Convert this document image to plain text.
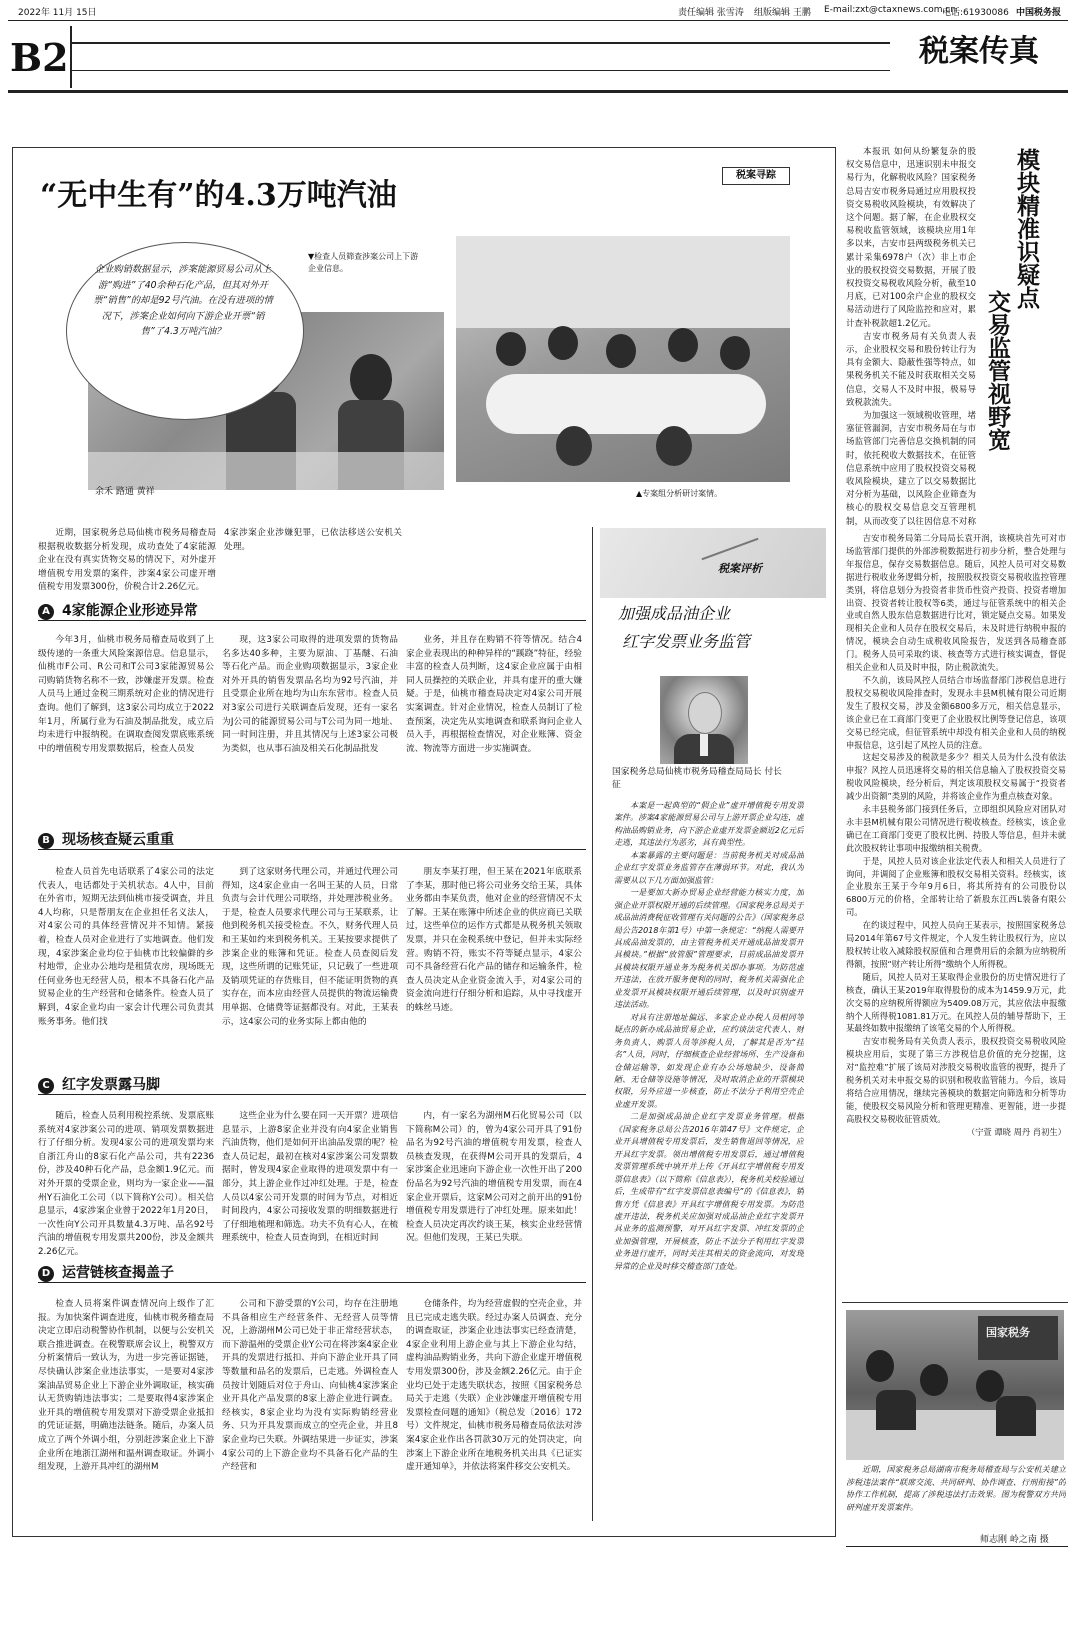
2022年 11月 15日	责任编辑 张雪涛 组版编辑 王鹏 E-mail:zxt@ctaxnews.com.cn
电话:61930086 中国税务报
B2	税案传真
税案寻踪
“无中生有”的4.3万吨汽油
企业购销数据显示，涉案能源贸易公司从上游“购进”了40余种石化产品，但其对外开票“销售”的却是92号汽油。在没有进项的情况下，涉案企业如何向下游企业开票“销售”了4.3万吨汽油？
▼检查人员筛查涉案公司上下游企业信息。
余禾 路通 黄祥	▲专案组分析研讨案情。
近期，国家税务总局仙桃市税务局稽查局根据税收数据分析发现，成功查处了4家能源企业在没有真实货物交易的情况下，对外虚开增值税专用发票的案件，涉案4家公司虚开增值税专用发票300份，价税合计2.26亿元。
4家涉案企业涉嫌犯罪，已依法移送公安机关处理。
A 4家能源企业形迹异常
今年3月，仙桃市税务局稽查局收到了上级传递的一条重大风险案源信息。信息显示，仙桃市F公司、R公司和T公司3家能源贸易公司购销货物名称不一致，涉嫌虚开发票。检查人员马上通过金税三期系统对企业的情况进行查询。他们了解到，这3家公司均成立于2022年1月，所属行业为石油及制品批发，成立后均未进行申报纳税。在调取查阅发票底账系统中的增值税专用发票数据后，检查人员发
现，这3家公司取得的进项发票的货物品名多达40多种，主要为原油、丁基醚、石油等石化产品。而企业购项数据显示，3家企业对外开具的销售发票品名均为92号汽油，并且受票企业所在地均为山东东营市。检查人员对3家公司进行关联调查后发现，还有一家名为J公司的能源贸易公司与T公司为同一地址、同一时间注册，并且其情况与上述3家公司极为类似，也从事石油及相关石化制品批发
业务，并且存在购销不符等情况。结合4家企业表现出的种种异样的“蹊跷”特征，经验丰富的检查人员判断，这4家企业应属于由相同人员操控的关联企业，并具有虚开的重大嫌疑。于是，仙桃市稽查局决定对4家公司开展实案调查。针对企业情况，检查人员制订了检查预案，决定先从实地调查和联系询问企业人员入手，再根据检查情况，对企业账簿、资金流、物流等方面进一步实施调查。
B 现场核查疑云重重
检查人员首先电话联系了4家公司的法定代表人，电话都处于关机状态。4人中，目前在外省市，短期无法到仙桃市接受调查，并且4人均称，只是帮朋友在企业担任名义法人，对4家公司的具体经营情况并不知情。紧接着，检查人员对企业进行了实地调查。他们发现，4家涉案企业均位于仙桃市比较偏僻的乡村地带，企业办公地均是租赁农房，现场既无任何业务也无经营人员，根本不具备石化产品贸易企业的生产经营和仓储条件。检查人员了解到，4家企业均由一家会计代理公司负责其账务事务。他们找
到了这家财务代理公司，并通过代理公司得知，这4家企业由一名叫王某的人员，日常负责与会计代理公司联络，并处理涉税业务。于是，检查人员要求代理公司与王某联系，让他到税务机关接受检查。不久，财务代理人员和王某如约来到税务机关。王某按要求提供了涉案企业的账簿和凭证。检查人员查阅后发现，这些所谓的记账凭证，只记载了一些进项及销项凭证的存货账目，但不能证明货物的真实存在，而本应由经营人员提供的物流运输费用单据、仓储费等证据都没有。对此，王某表示，这4家公司的业务实际上都由他的
朋友李某打理，但王某在2021年底联系了李某，那时他已将公司业务交给王某，具体业务都由李某负责，他对企业的经营情况不太了解。王某在账簿中所述企业的供应商已关联过，这些单位的运作方式都是从税务机关领取发票，并只在金税系统中登记，但并未实际经营。购销不符，账实不符等疑点显示，4家公司不具备经营石化产品的储存和运输条件，检查人员决定从企业资金流入手，对4家公司的资金流向进行仔细分析和追踪，从中寻找虚开的蛛丝马迹。
C 红字发票露马脚
随后，检查人员利用税控系统、发票底账系统对4家涉案公司的进项、销项发票数据进行了仔细分析。发现4家公司的进项发票均来自浙江舟山的8家石化产品公司，共有2236份，涉及40种石化产品，总金额1.9亿元。而对外开票的受票企业，则均为一家企业——温州Y石油化工公司（以下简称Y公司）。相关信息显示，4家涉案企业曾于2022年1月20日，一次性向Y公司开具数量4.3万吨、品名92号汽油的增值税专用发票共200份，涉及金额共2.26亿元。
这些企业为什么要在同一天开票？进项信息显示，上游8家企业并没有向4家企业销售汽油货物，他们是如何开出油品发票的呢？检查人员记起，最初在核对4家涉案公司发票数据时，曾发现4家企业取得的进项发票中有一部分，其上游企业作过冲红处理。于是，检查人员以4家公司开发票的时间为节点，对相近时间段内，4家公司接收发票的明细数据进行了仔细地梳理和筛选。功夫不负有心人，在梳理系统中，检查人员查询到，在相近时间
内，有一家名为湖州M石化贸易公司（以下简称M公司）的，曾为4家公司开具了91份品名为92号汽油的增值税专用发票，检查人员核查发现，在获得M公司开具的发票后，4家涉案企业迅速向下游企业一次性开出了200份品名为92号汽油的增值税专用发票，而在4家企业开票后，这家M公司对之前开出的91份增值税专用发票进行了冲红处理。原来如此！检查人员决定再次约谈王某，核实企业经营情况。但他们发现，王某已失联。
D 运营链核查揭盖子
检查人员将案件调查情况向上级作了汇报。为加快案件调查进度，仙桃市税务稽查局决定立即启动税警协作机制，以便与公安机关联合推进调查。在税警联席会议上，税警双方分析案情后一致认为，为进一步完善证据链，尽快确认涉案企业违法事实，一是要对4家涉案油品贸易企业上下游企业外调取证，核实确认无货购销违法事实；二是要取得4家涉案企业开具的增值税专用发票对下游受票企业抵扣的凭证证据，明确违法链条。随后，办案人员成立了两个外调小组，分别赶涉案企业上下游企业所在地浙江湖州和温州调查取证。外调小组发现，上游开具冲红的湖州M
公司和下游受票的Y公司，均存在注册地不具备相应生产经营条件、无经营人员等情况，上游湖州M公司已处于非正常经营状态，而下游温州的受票企业Y公司在将涉案4家企业开具的发票进行抵扣、并向下游企业开具了同等数量和品名的发票后，已走逃。外调检查人员按计划随后对位于舟山、向仙桃4家涉案企业开具化产品发票的8家上游企业进行调查。经核实，8家企业均为没有实际购销经营业务、只为开具发票而成立的空壳企业，并且8家企业均已失联。外调结果进一步证实，涉案4家公司的上下游企业均不具备石化产品的生产经营和
仓储条件，均为经营虚假的空壳企业，并且已完成走逃失联。经过办案人员调查、充分的调查取证，涉案企业违法事实已经查清楚，4家企业利用上游企业与其上下游企业勾结，虚构油品购销业务，共向下游企业虚开增值税专用发票300份，涉及金额2.26亿元。由于企业均已处于走逃失联状态，按照《国家税务总局关于走逃（失联）企业涉嫌虚开增值税专用发票检查问题的通知》（税总发〔2016〕172号）文件规定，仙桃市税务局稽查局依法对涉案4家企业作出各罚款30万元的处罚决定，向涉案上下游企业所在地税务机关出具《已证实虚开通知单》，并依法将案件移交公安机关。
税案评析
加强成品油企业
红字发票业务监管
国家税务总局仙桃市税务局稽查局局长 付长征

本案是一起典型的“假企业”虚开增值税专用发票案件。涉案4家能源贸易公司与上游开票企业勾连，虚构油品购销业务，向下游企业虚开发票金额近2亿元后走逃，其违法行为恶劣，具有典型性。

本案暴露的主要问题是：当前税务机关对成品油企业红字发票业务监管存在薄弱环节。对此，我认为需要从以下几方面加强监管：

一是要加大新办贸易企业经营能力核实力度，加强企业开票权限开通的后续管理。《国家税务总局关于成品油消费税征收管理有关问题的公告》（国家税务总局公告2018年第1号）中第一条规定：“纳税人需要开具成品油发票的，由主管税务机关开通成品油发票开具模块。”根据“放管服”管理要求，目前成品油发票开具模块权限开通业务为税务机关即办事项。为防范虚开违法，在放开服务便利的同时，税务机关需强化企业发票开具模块权限开通后续管理，以及时识别虚开违法活动。

对具有注册地址偏远、多家企业办税人员相同等疑点的新办成品油贸易企业，应约谈法定代表人、财务负责人、购票人员等涉税人员，了解其是否为“挂名”人员，同时，仔细核查企业经营场所、生产设备和仓储运输等，如发现企业有办公场地缺少、设备简陋、无仓储等设施等情况，及时取消企业的开票模块权限，另外应进一步核查，防止不法分子利用空壳企业虚开发票。

二是加强成品油企业红字发票业务管理。根据《国家税务总局公告2016年第47号》文件规定，企业开具增值税专用发票后，发生销售退回等情况，应开具红字发票。领出增值税专用发票后，通过增值税发票管理系统中填开并上传《开具红字增值税专用发票信息表》（以下简称《信息表》），税务机关校验通过后，生成带有“红字发票信息表编号”的《信息表》，销售方凭《信息表》开具红字增值税专用发票。为防范虚开违法，税务机关应加强对成品油企业红字发票开具业务的监测预警，对开具红字发票、冲红发票的企业加强管理，开展核查，防止不法分子利用红字发票业务进行虚开，同时关注其相关的资金流向，对发现异常的企业及时移交稽查部门查处。

模块精准识疑点
交易监管视野宽

本报讯 如何从纷繁复杂的股权交易信息中，迅速识别未申报交易行为，化解税收风险？国家税务总局吉安市税务局通过应用股权投资交易税收风险模块，有效解决了这个问题。据了解，在企业股权交易税收监管领域，该模块应用1年多以来，吉安市县两级税务机关已累计采集6978户（次）非上市企业的股权投资交易数据，开展了股权投资交易税收风险分析，截至10月底，已对100余户企业的股权交易活动进行了风险监控和应对，累计查补税款超1.2亿元。

吉安市税务局有关负责人表示，企业股权交易和股份转让行为具有金额大、隐蔽性强等特点，如果税务机关不能及时获取相关交易信息，交易人不及时申报，极易导致税款流失。

为加强这一领域税收管理，堵塞征管漏洞，吉安市税务局在与市场监管部门完善信息交换机制的同时，依托税收大数据技术，在征管信息系统中应用了股权投资交易税收风险模块，建立了以交易数据比对分析为基础，以风险企业筛查为核心的股权交易信息交互管理机制，从而改变了以往因信息不对称

吉安市税务局第二分局局长袁开润，该模块首先可对市场监管部门提供的外部涉税数据进行初步分析，整合处理与年报信息，保存交易数据信息。随后，风控人员可对交易数据进行税收业务逻辑分析，按照股权投资交易税收监控管理类别，将信息划分为投资者非货币性资产投资、投资者增加出资、投资者转让股权等6类，通过与征管系统中的相关企业或自然人股东信息数据进行比对，锁定疑点交易。如果发现相关企业和人员存在股权交易后，未及时进行纳税申报的情况，模块会自动生成税收风险报告，发送到各局稽查部门。税务人员可采取约谈、核查等方式进行核实调查，督促相关企业和人员及时申报，防止税款流失。

不久前，该局风控人员结合市场监督部门涉税信息进行股权交易税收风险排查时，发现永丰县M机械有限公司近期发生了股权交易，涉及金额6800多万元，相关信息显示，该企业已在工商部门变更了企业股权比例等登记信息，该项交易已经完成，但征管系统中却没有相关企业和人员的纳税申报信息，这引起了风控人员的注意。

这起交易涉及的税款是多少？相关人员为什么没有依法申报？风控人员迅速将交易的相关信息输入了股权投资交易税收风险模块，经分析后，判定该项股权交易属于“投资者减少出资额”类别的风险，并将该企业作为重点核查对象。

永丰县税务部门接到任务后，立即组织风险应对团队对永丰县M机械有限公司情况进行税收核查。经核实，该企业确已在工商部门变更了股权比例、持股人等信息，但并未就此次股权转让事项申报缴纳相关税费。

于是，风控人员对该企业法定代表人和相关人员进行了询问，并调阅了企业账簿和股权交易相关资料。经核实，该企业股东王某于今年9月6日，将其所持有的公司股份以6800万元的价格，全部转让给了新股东江西L装备有限公司。

在约谈过程中，风控人员向王某表示，按照国家税务总局2014年第67号文件规定，个人发生转让股权行为，应以股权转让收入减除股权原值和合理费用后的余额为应纳税所得额，按照“财产转让所得”缴纳个人所得税。

随后，风控人员对王某取得企业股份的历史情况进行了核查，确认王某2019年取得股份的成本为1459.9万元，此次交易的应纳税所得额应为5409.08万元，其应依法申报缴纳个人所得税1081.81万元。在风控人员的辅导帮助下，王某最终如数申报缴纳了该笔交易的个人所得税。

吉安市税务局有关负责人表示，股权投资交易税收风险模块应用后，实现了第三方涉税信息价值的充分挖掘，这对“监控难”扩展了该局对涉股交易税收监管的视野，提升了税务机关对未申报交易的识别和税收监管能力。今后，该局将结合应用情况，继续完善模块的数据定向筛选和分析等功能，使股权交易风险分析和管理更精准、更智能，进一步提高股权交易税收征管质效。

（宁萱 谭晓 周丹 肖初生）

国家税务
近期，国家税务总局湖南市税务局稽查局与公安机关建立涉税违法案件“联席交流、共同研判、协作调查、行刑衔接”的协作工作机制，提高了涉税违法打击效果。图为税警双方共同研判虚开发票案件。
师志刚 岭之南 摄
